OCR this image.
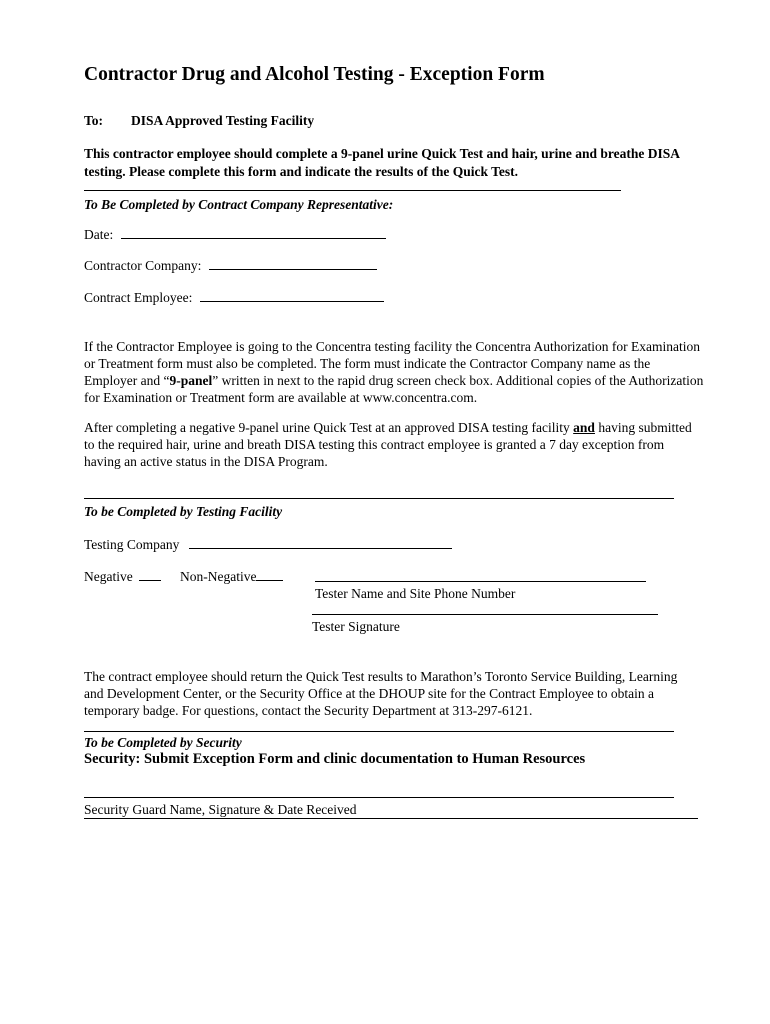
Contractor Drug and Alcohol Testing - Exception Form
To: DISA Approved Testing Facility
This contractor employee should complete a 9-panel urine Quick Test and hair, urine and breathe DISA testing. Please complete this form and indicate the results of the Quick Test.
To Be Completed by Contract Company Representative:
Date:
Contractor Company:
Contract Employee:
If the Contractor Employee is going to the Concentra testing facility the Concentra Authorization for Examination or Treatment form must also be completed. The form must indicate the Contractor Company name as the Employer and “9-panel” written in next to the rapid drug screen check box. Additional copies of the Authorization for Examination or Treatment form are available at www.concentra.com.
After completing a negative 9-panel urine Quick Test at an approved DISA testing facility and having submitted to the required hair, urine and breath DISA testing this contract employee is granted a 7 day exception from having an active status in the DISA Program.
To be Completed by Testing Facility
Testing Company
Negative	Non-Negative
Tester Name and Site Phone Number
Tester Signature
The contract employee should return the Quick Test results to Marathon’s Toronto Service Building, Learning and Development Center, or the Security Office at the DHOUP site for the Contract Employee to obtain a temporary badge. For questions, contact the Security Department at 313-297-6121.
To be Completed by Security
Security: Submit Exception Form and clinic documentation to Human Resources
Security Guard Name, Signature & Date Received
